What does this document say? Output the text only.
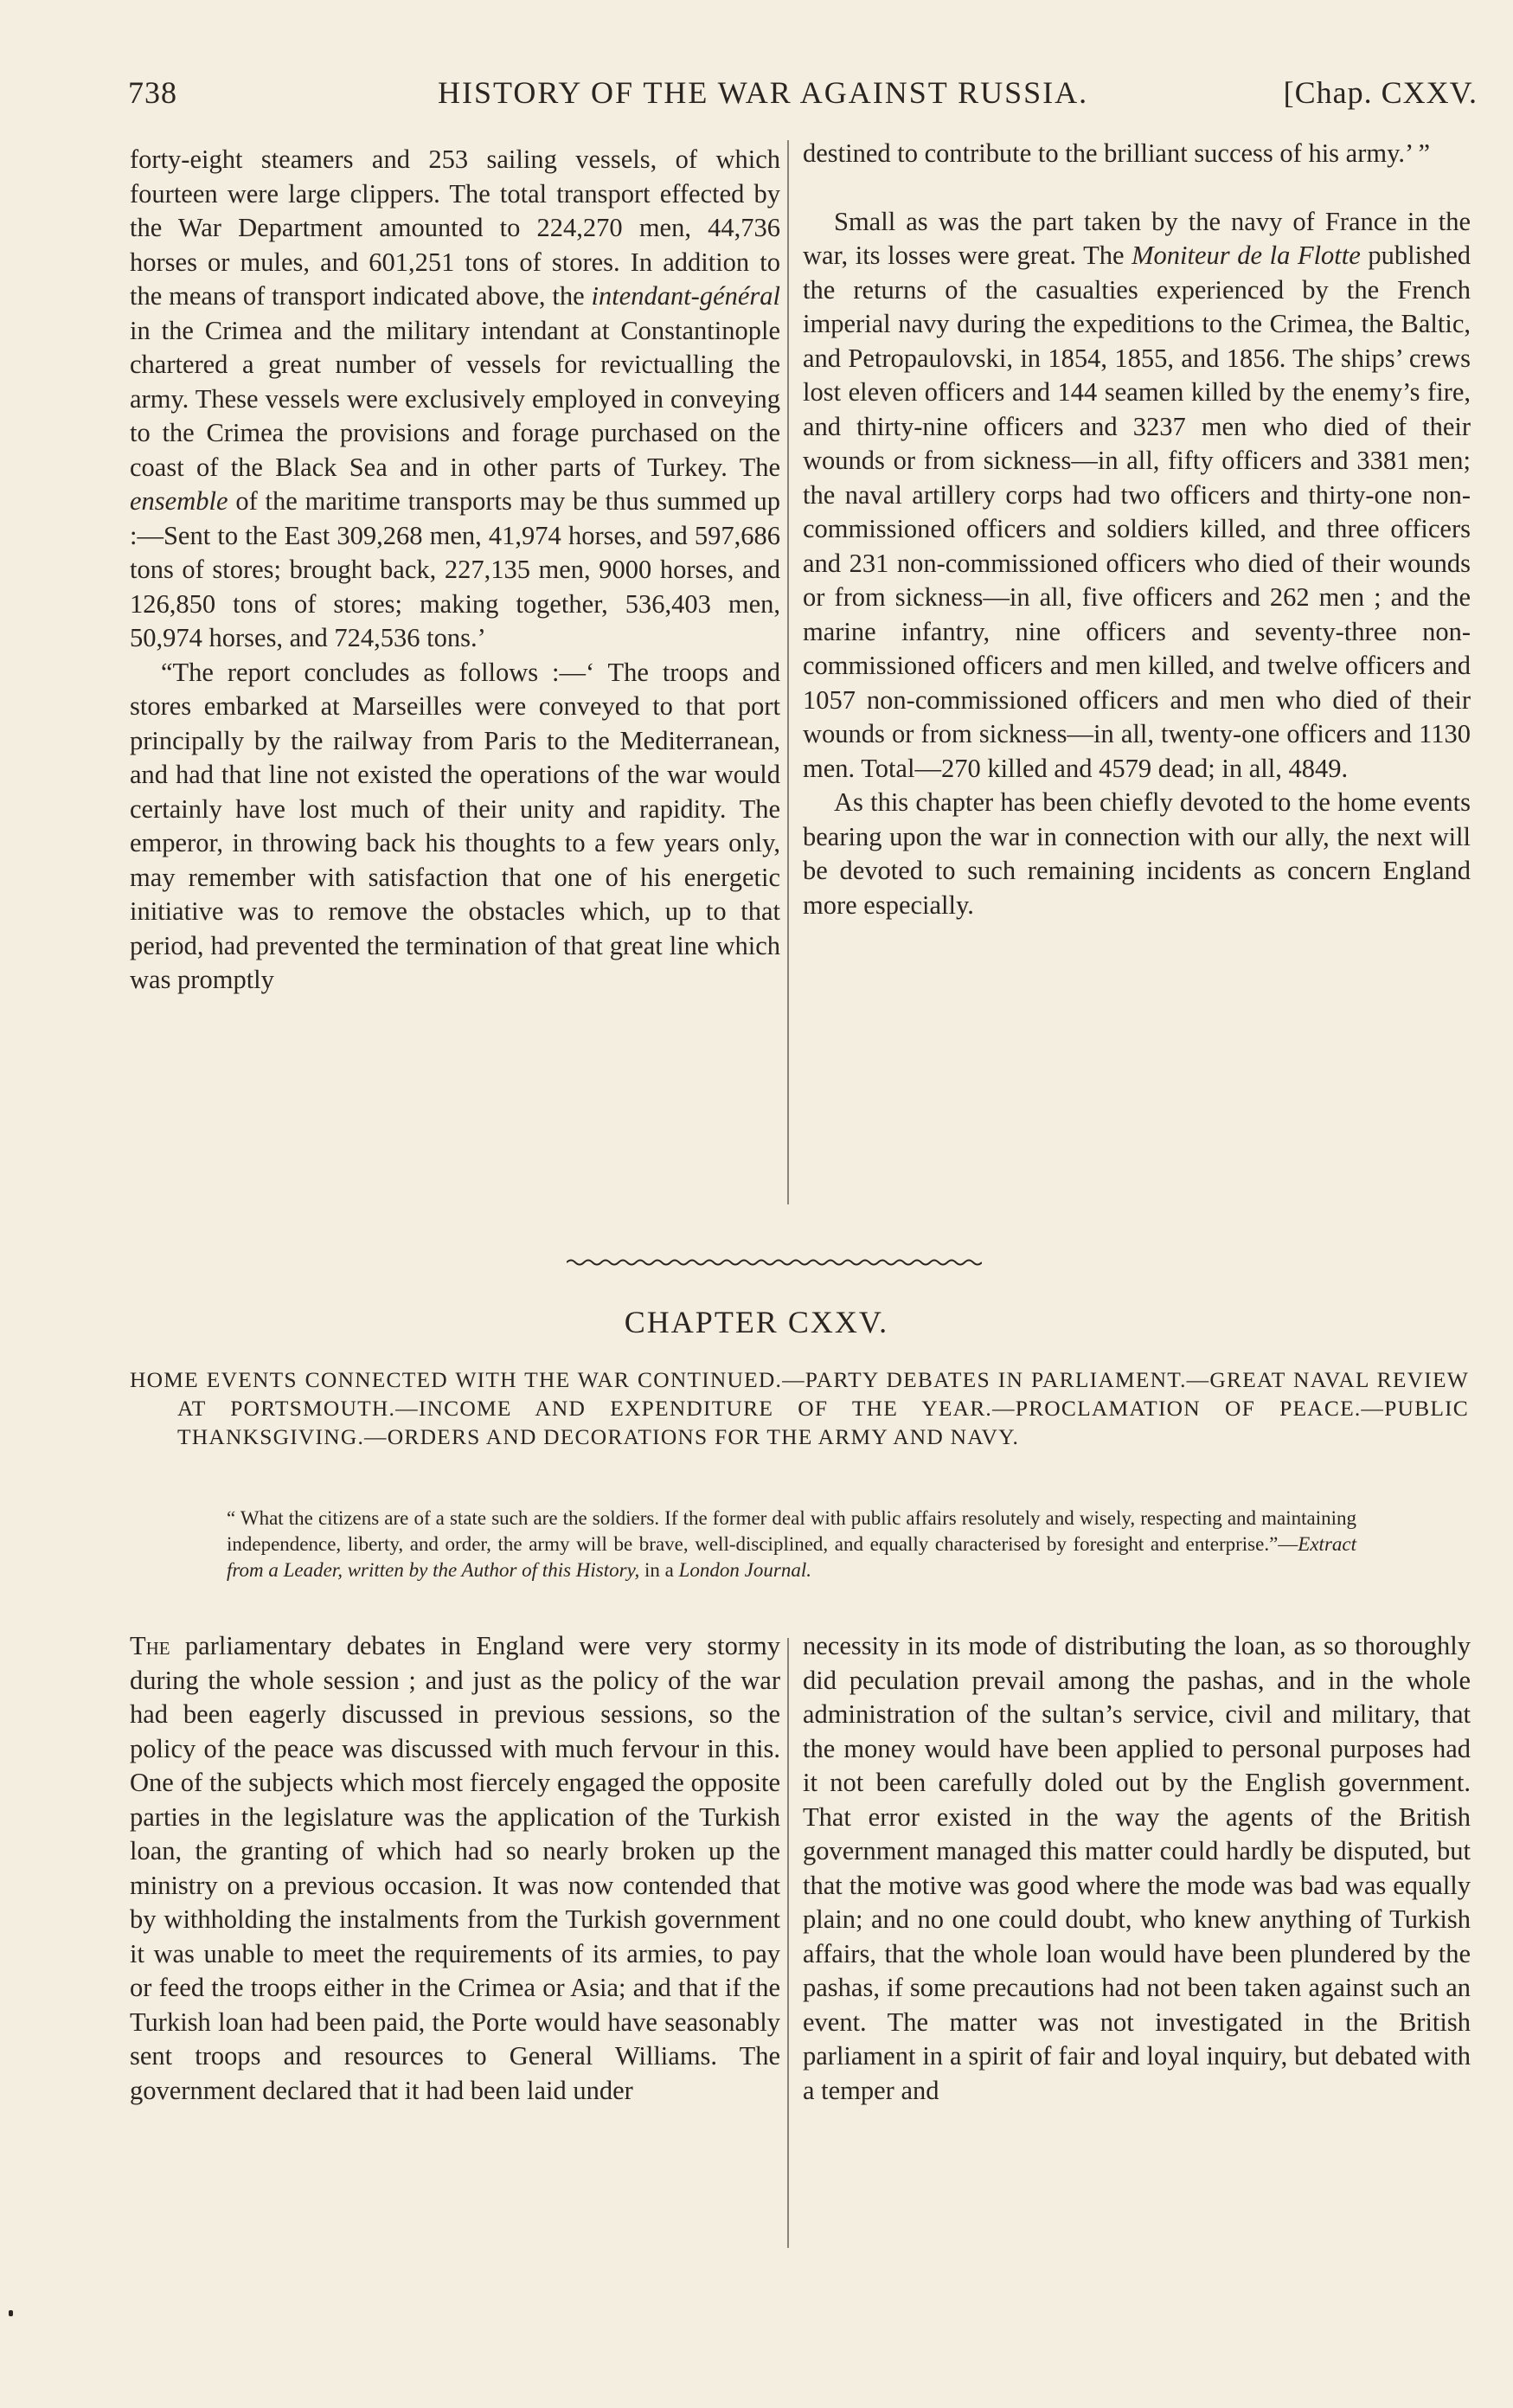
738	HISTORY OF THE WAR AGAINST RUSSIA.	[Chap. CXXV.

forty-eight steamers and 253 sailing vessels, of which fourteen were large clippers. The total transport effected by the War Department amounted to 224,270 men, 44,736 horses or mules, and 601,251 tons of stores. In addition to the means of transport indicated above, the intendant-général in the Crimea and the military intendant at Constantinople chartered a great number of vessels for revictualling the army. These vessels were exclusively employed in conveying to the Crimea the provisions and forage purchased on the coast of the Black Sea and in other parts of Turkey. The ensemble of the maritime transports may be thus summed up :—Sent to the East 309,268 men, 41,974 horses, and 597,686 tons of stores; brought back, 227,135 men, 9000 horses, and 126,850 tons of stores; making together, 536,403 men, 50,974 horses, and 724,536 tons.’

“The report concludes as follows :—‘ The troops and stores embarked at Marseilles were conveyed to that port principally by the railway from Paris to the Mediterranean, and had that line not existed the operations of the war would certainly have lost much of their unity and rapidity. The emperor, in throwing back his thoughts to a few years only, may remember with satisfaction that one of his energetic initiative was to remove the obstacles which, up to that period, had prevented the termination of that great line which was promptly

destined to contribute to the brilliant success of his army.’ ”

Small as was the part taken by the navy of France in the war, its losses were great. The Moniteur de la Flotte published the returns of the casualties experienced by the French imperial navy during the expeditions to the Crimea, the Baltic, and Petropaulovski, in 1854, 1855, and 1856. The ships’ crews lost eleven officers and 144 seamen killed by the enemy’s fire, and thirty-nine officers and 3237 men who died of their wounds or from sickness—in all, fifty officers and 3381 men; the naval artillery corps had two officers and thirty-one non-commissioned officers and soldiers killed, and three officers and 231 non-commissioned officers who died of their wounds or from sickness—in all, five officers and 262 men ; and the marine infantry, nine officers and seventy-three non-commissioned officers and men killed, and twelve officers and 1057 non-commissioned officers and men who died of their wounds or from sickness—in all, twenty-one officers and 1130 men. Total—270 killed and 4579 dead; in all, 4849.

As this chapter has been chiefly devoted to the home events bearing upon the war in connection with our ally, the next will be devoted to such remaining incidents as concern England more especially.

CHAPTER CXXV.
HOME EVENTS CONNECTED WITH THE WAR CONTINUED.—PARTY DEBATES IN PARLIAMENT.—GREAT NAVAL REVIEW AT PORTSMOUTH.—INCOME AND EXPENDITURE OF THE YEAR.—PROCLAMATION OF PEACE.—PUBLIC THANKSGIVING.—ORDERS AND DECORATIONS FOR THE ARMY AND NAVY.
“ What the citizens are of a state such are the soldiers. If the former deal with public affairs resolutely and wisely, respecting and maintaining independence, liberty, and order, the army will be brave, well-disciplined, and equally characterised by foresight and enterprise.”—Extract from a Leader, written by the Author of this History, in a London Journal.

The parliamentary debates in England were very stormy during the whole session ; and just as the policy of the war had been eagerly discussed in previous sessions, so the policy of the peace was discussed with much fervour in this. One of the subjects which most fiercely engaged the opposite parties in the legislature was the application of the Turkish loan, the granting of which had so nearly broken up the ministry on a previous occasion. It was now contended that by withholding the instalments from the Turkish government it was unable to meet the requirements of its armies, to pay or feed the troops either in the Crimea or Asia; and that if the Turkish loan had been paid, the Porte would have seasonably sent troops and resources to General Williams. The government declared that it had been laid under

necessity in its mode of distributing the loan, as so thoroughly did peculation prevail among the pashas, and in the whole administration of the sultan’s service, civil and military, that the money would have been applied to personal purposes had it not been carefully doled out by the English government. That error existed in the way the agents of the British government managed this matter could hardly be disputed, but that the motive was good where the mode was bad was equally plain; and no one could doubt, who knew anything of Turkish affairs, that the whole loan would have been plundered by the pashas, if some precautions had not been taken against such an event. The matter was not investigated in the British parliament in a spirit of fair and loyal inquiry, but debated with a temper and
